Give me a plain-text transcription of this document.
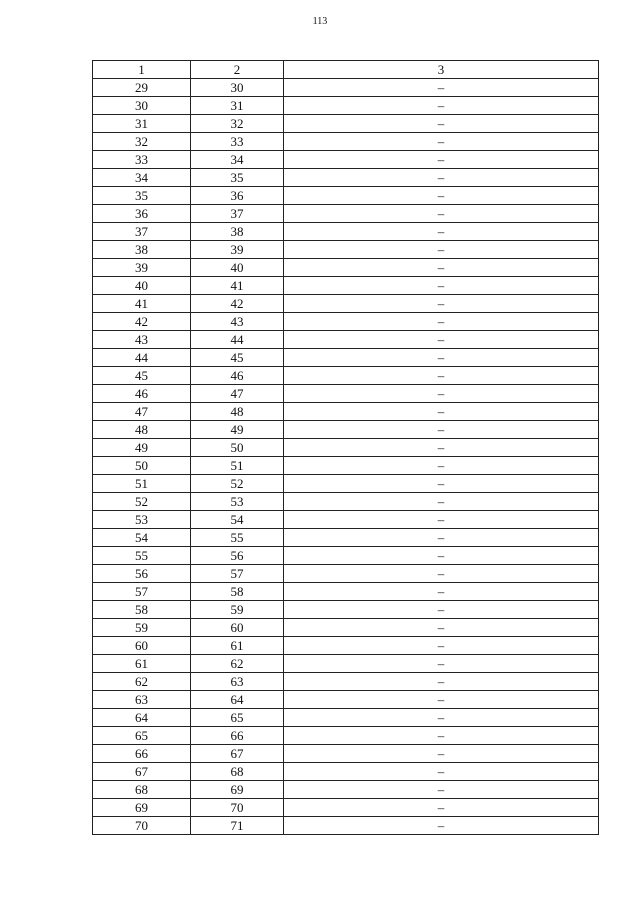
113
1	2	3
29	30	–
30	31	–
31	32	–
32	33	–
33	34	–
34	35	–
35	36	–
36	37	–
37	38	–
38	39	–
39	40	–
40	41	–
41	42	–
42	43	–
43	44	–
44	45	–
45	46	–
46	47	–
47	48	–
48	49	–
49	50	–
50	51	–
51	52	–
52	53	–
53	54	–
54	55	–
55	56	–
56	57	–
57	58	–
58	59	–
59	60	–
60	61	–
61	62	–
62	63	–
63	64	–
64	65	–
65	66	–
66	67	–
67	68	–
68	69	–
69	70	–
70	71	–
